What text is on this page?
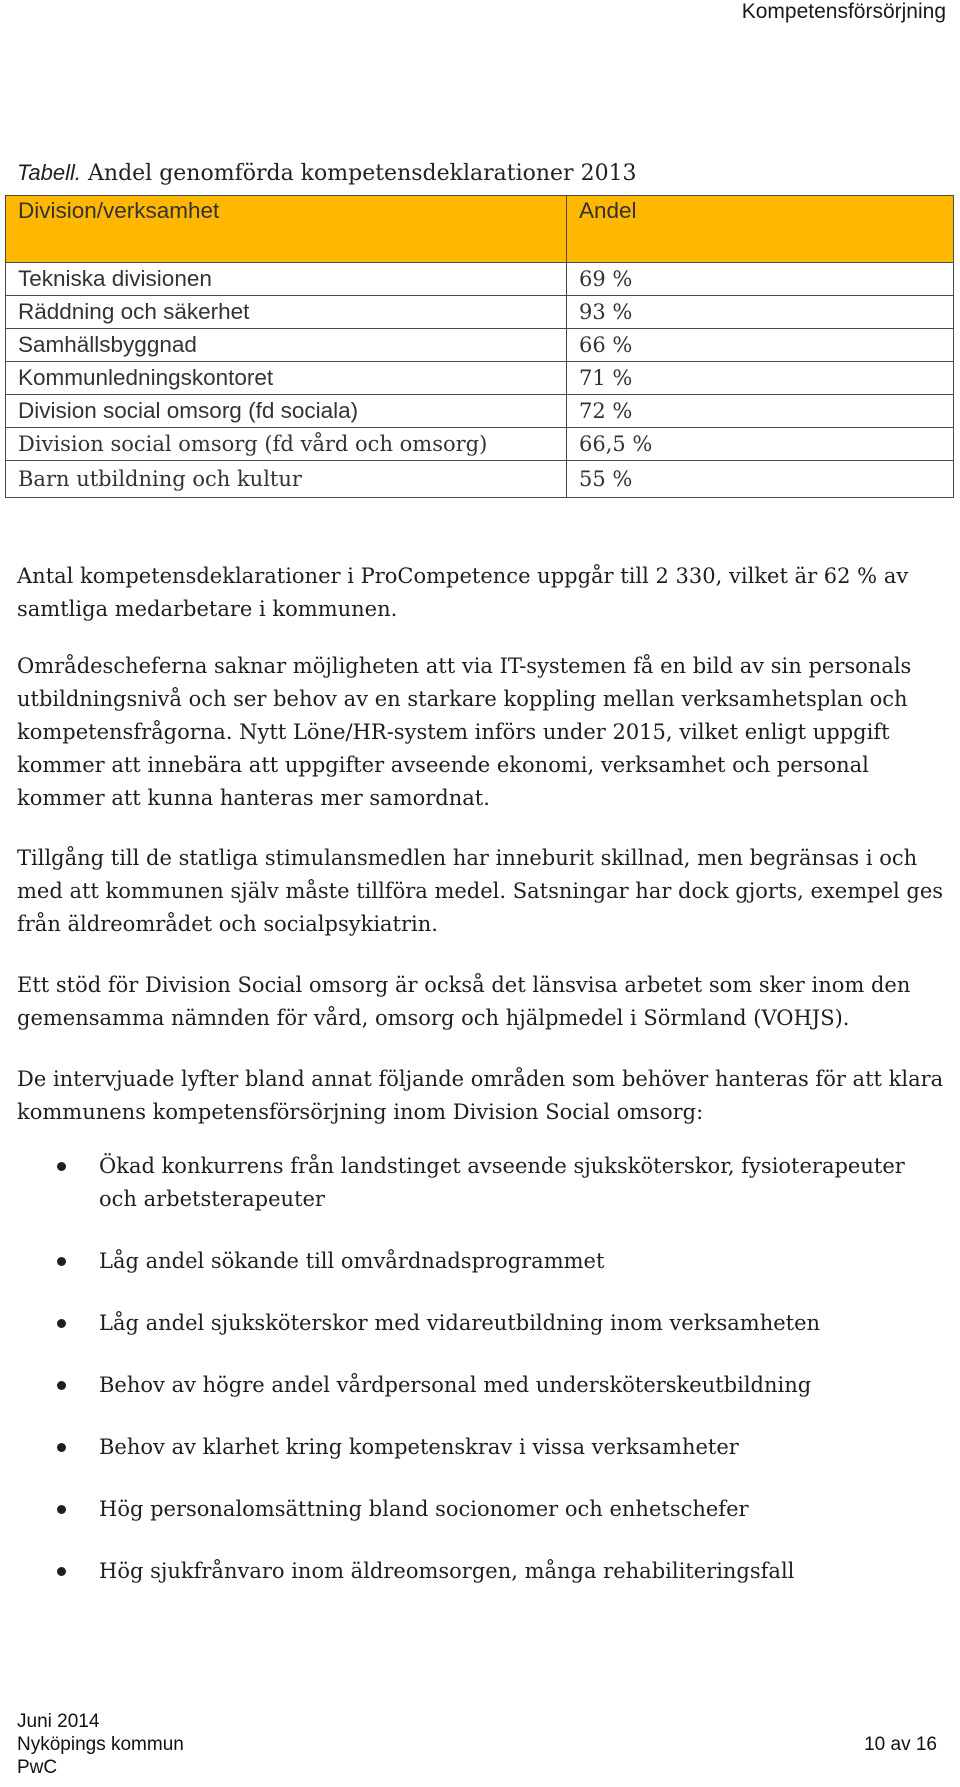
Kompetensförsörjning
Tabell. Andel genomförda kompetensdeklarationer 2013
Division/verksamhet	Andel
Tekniska divisionen	69 %
Räddning och säkerhet	93 %
Samhällsbyggnad	66 %
Kommunledningskontoret	71 %
Division social omsorg (fd sociala)	72 %
Division social omsorg (fd vård och omsorg)	66,5 %
Barn utbildning och kultur	55 %

Antal kompetensdeklarationer i ProCompetence uppgår till 2 330, vilket är 62 % av samtliga medarbetare i kommunen.

Områdescheferna saknar möjligheten att via IT-systemen få en bild av sin personals utbildningsnivå och ser behov av en starkare koppling mellan verksamhetsplan och kompetensfrågorna. Nytt Löne/HR-system införs under 2015, vilket enligt uppgift kommer att innebära att uppgifter avseende ekonomi, verksamhet och personal kommer att kunna hanteras mer samordnat.

Tillgång till de statliga stimulansmedlen har inneburit skillnad, men begränsas i och med att kommunen själv måste tillföra medel. Satsningar har dock gjorts, exempel ges från äldreområdet och socialpsykiatrin.

Ett stöd för Division Social omsorg är också det länsvisa arbetet som sker inom den gemensamma nämnden för vård, omsorg och hjälpmedel i Sörmland (VOHJS).

De intervjuade lyfter bland annat följande områden som behöver hanteras för att klara kommunens kompetensförsörjning inom Division Social omsorg:

Ökad konkurrens från landstinget avseende sjuksköterskor, fysioterapeuter och arbetsterapeuter
Låg andel sökande till omvårdnadsprogrammet
Låg andel sjuksköterskor med vidareutbildning inom verksamheten
Behov av högre andel vårdpersonal med undersköterskeutbildning
Behov av klarhet kring kompetenskrav i vissa verksamheter
Hög personalomsättning bland socionomer och enhetschefer
Hög sjukfrånvaro inom äldreomsorgen, många rehabiliteringsfall
Juni 2014
Nyköpings kommun
PwC
10 av 16
